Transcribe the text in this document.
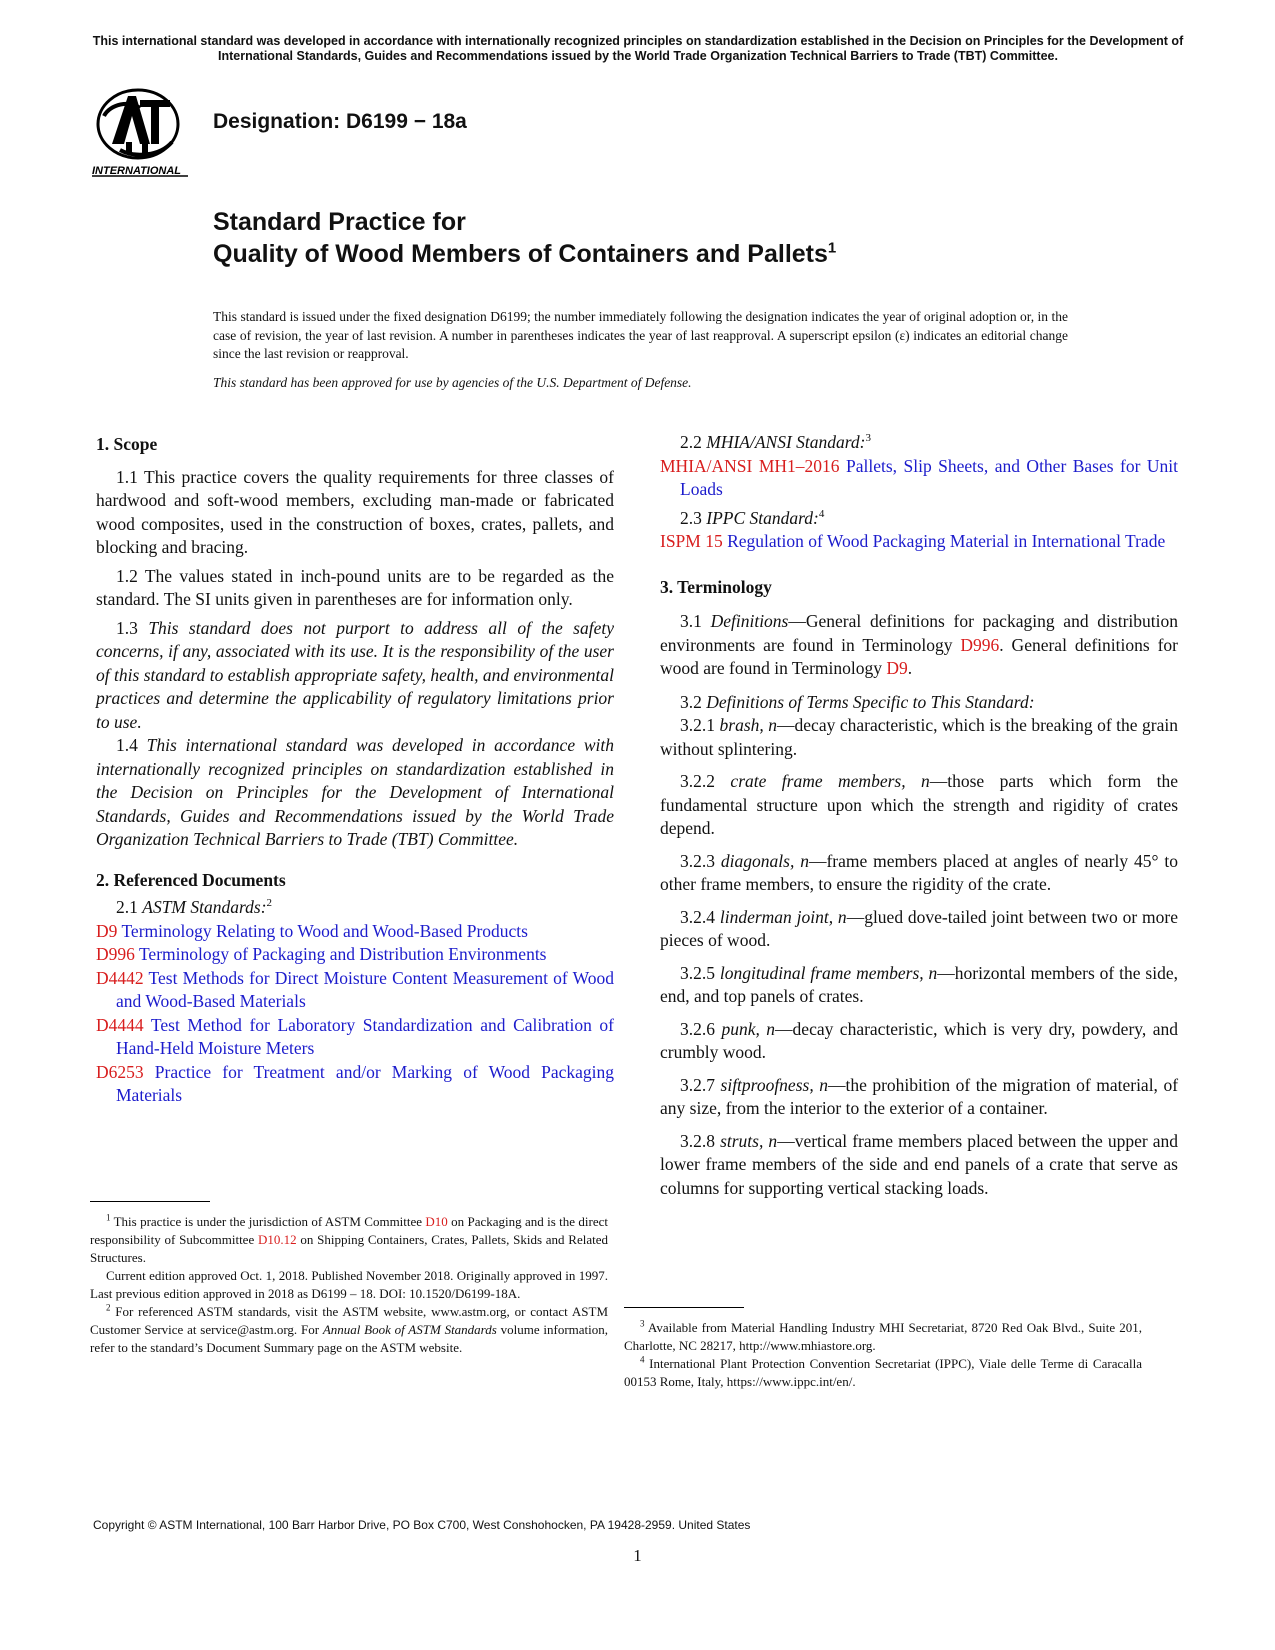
This international standard was developed in accordance with internationally recognized principles on standardization established in the Decision on Principles for the Development of International Standards, Guides and Recommendations issued by the World Trade Organization Technical Barriers to Trade (TBT) Committee.
INTERNATIONAL
Designation: D6199 − 18a
Standard Practice for
Quality of Wood Members of Containers and Pallets$^1$
This standard is issued under the fixed designation D6199; the number immediately following the designation indicates the year of original adoption or, in the case of revision, the year of last revision. A number in parentheses indicates the year of last reapproval. A superscript epsilon (ε) indicates an editorial change since the last revision or reapproval.
This standard has been approved for use by agencies of the U.S. Department of Defense.

1. Scope

1.1 This practice covers the quality requirements for three classes of hardwood and soft-wood members, excluding man-made or fabricated wood composites, used in the construction of boxes, crates, pallets, and blocking and bracing.

1.2 The values stated in inch-pound units are to be regarded as the standard. The SI units given in parentheses are for information only.

1.3 This standard does not purport to address all of the safety concerns, if any, associated with its use. It is the responsibility of the user of this standard to establish appropriate safety, health, and environmental practices and determine the applicability of regulatory limitations prior to use.

1.4 This international standard was developed in accordance with internationally recognized principles on standardization established in the Decision on Principles for the Development of International Standards, Guides and Recommendations issued by the World Trade Organization Technical Barriers to Trade (TBT) Committee.

2. Referenced Documents

2.1 ASTM Standards:$^2$

D9 Terminology Relating to Wood and Wood-Based Products

D996 Terminology of Packaging and Distribution Environments

D4442 Test Methods for Direct Moisture Content Measurement of Wood and Wood-Based Materials

D4444 Test Method for Laboratory Standardization and Calibration of Hand-Held Moisture Meters

D6253 Practice for Treatment and/or Marking of Wood Packaging Materials

2.2 MHIA/ANSI Standard:$^3$

MHIA/ANSI MH1–2016 Pallets, Slip Sheets, and Other Bases for Unit Loads

2.3 IPPC Standard:$^4$

ISPM 15 Regulation of Wood Packaging Material in International Trade

3. Terminology

3.1 Definitions—General definitions for packaging and distribution environments are found in Terminology D996. General definitions for wood are found in Terminology D9.

3.2 Definitions of Terms Specific to This Standard:

3.2.1 brash, n—decay characteristic, which is the breaking of the grain without splintering.

3.2.2 crate frame members, n—those parts which form the fundamental structure upon which the strength and rigidity of crates depend.

3.2.3 diagonals, n—frame members placed at angles of nearly 45° to other frame members, to ensure the rigidity of the crate.

3.2.4 linderman joint, n—glued dove-tailed joint between two or more pieces of wood.

3.2.5 longitudinal frame members, n—horizontal members of the side, end, and top panels of crates.

3.2.6 punk, n—decay characteristic, which is very dry, powdery, and crumbly wood.

3.2.7 siftproofness, n—the prohibition of the migration of material, of any size, from the interior to the exterior of a container.

3.2.8 struts, n—vertical frame members placed between the upper and lower frame members of the side and end panels of a crate that serve as columns for supporting vertical stacking loads.

$^1$ This practice is under the jurisdiction of ASTM Committee D10 on Packaging and is the direct responsibility of Subcommittee D10.12 on Shipping Containers, Crates, Pallets, Skids and Related Structures.

Current edition approved Oct. 1, 2018. Published November 2018. Originally approved in 1997. Last previous edition approved in 2018 as D6199 – 18. DOI: 10.1520/D6199-18A.

$^2$ For referenced ASTM standards, visit the ASTM website, www.astm.org, or contact ASTM Customer Service at service@astm.org. For Annual Book of ASTM Standards volume information, refer to the standard’s Document Summary page on the ASTM website.

$^3$ Available from Material Handling Industry MHI Secretariat, 8720 Red Oak Blvd., Suite 201, Charlotte, NC 28217, http://www.mhiastore.org.

$^4$ International Plant Protection Convention Secretariat (IPPC), Viale delle Terme di Caracalla 00153 Rome, Italy, https://www.ippc.int/en/.

Copyright © ASTM International, 100 Barr Harbor Drive, PO Box C700, West Conshohocken, PA 19428-2959. United States
1
